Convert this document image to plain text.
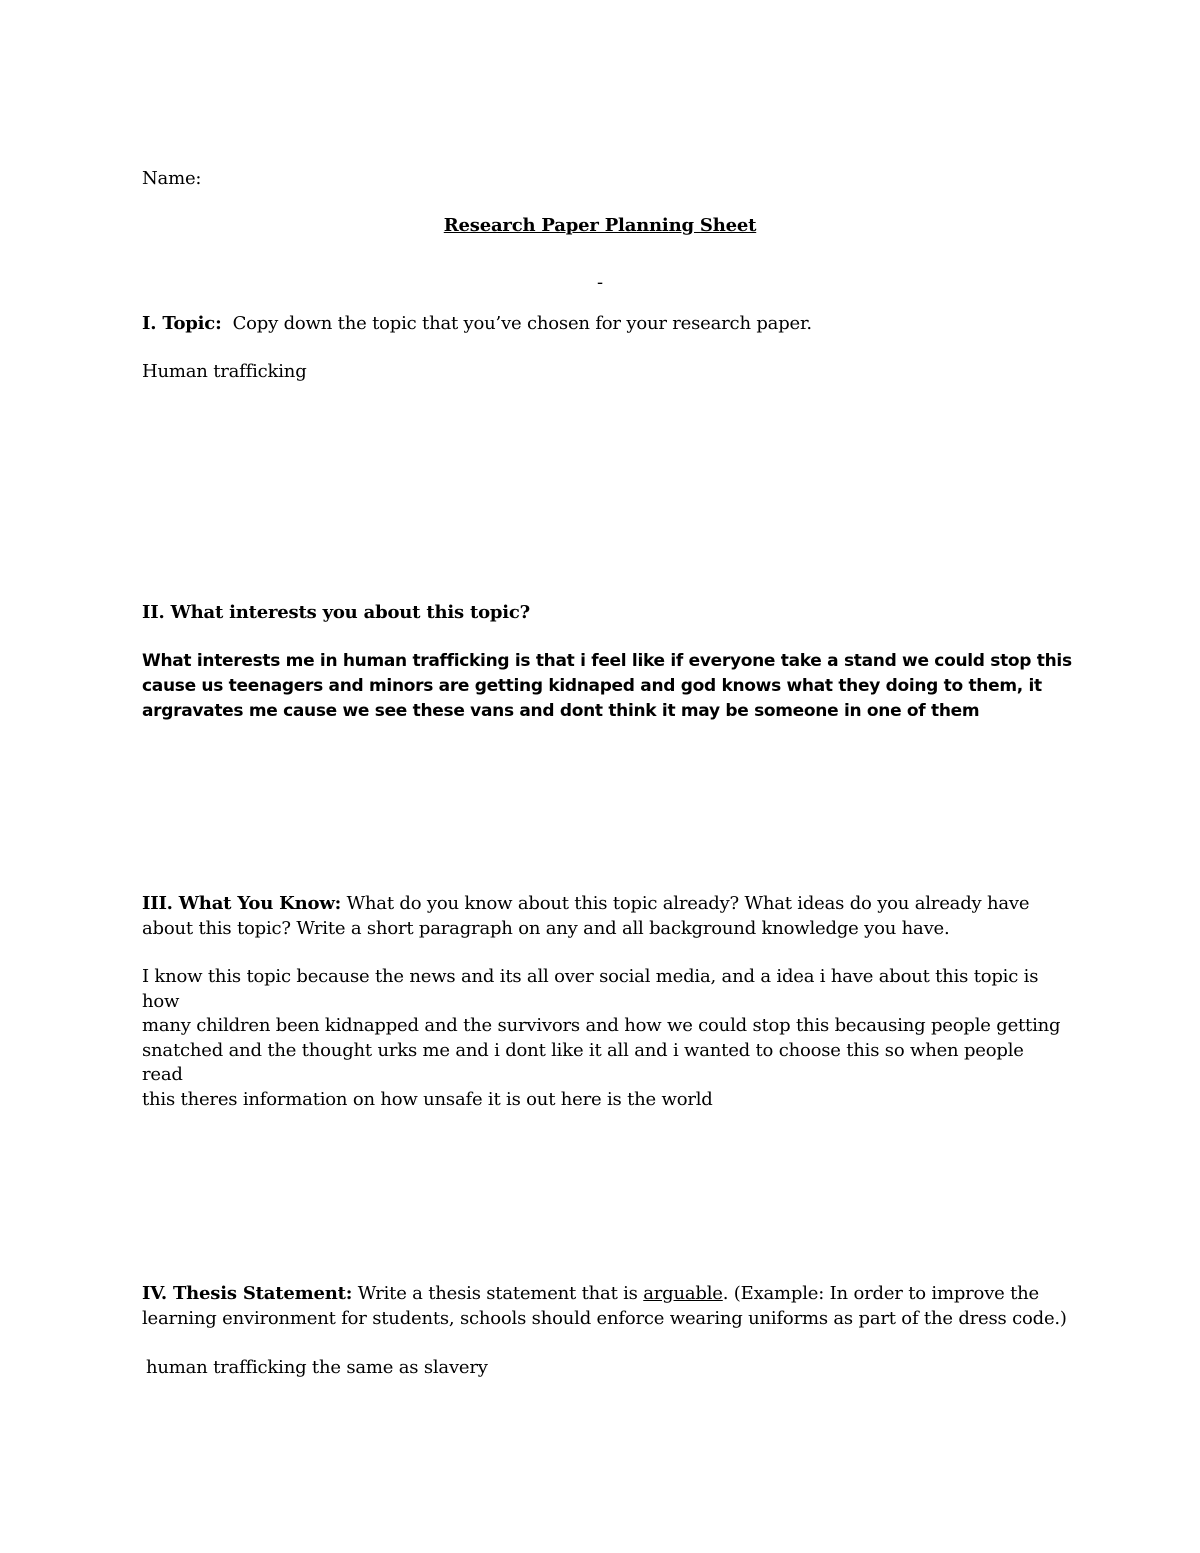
Name:
Research Paper Planning Sheet
-
I. Topic: Copy down the topic that you’ve chosen for your research paper.
Human trafficking
II. What interests you about this topic?
What interests me in human trafficking is that i feel like if everyone take a stand we could stop this
cause us teenagers and minors are getting kidnaped and god knows what they doing to them, it
argravates me cause we see these vans and dont think it may be someone in one of them
III. What You Know: What do you know about this topic already? What ideas do you already have
about this topic? Write a short paragraph on any and all background knowledge you have.
I know this topic because the news and its all over social media, and a idea i have about this topic is how
many children been kidnapped and the survivors and how we could stop this becausing people getting
snatched and the thought urks me and i dont like it all and i wanted to choose this so when people read
this theres information on how unsafe it is out here is the world
IV. Thesis Statement: Write a thesis statement that is arguable. (Example: In order to improve the
learning environment for students, schools should enforce wearing uniforms as part of the dress code.)
human trafficking the same as slavery
